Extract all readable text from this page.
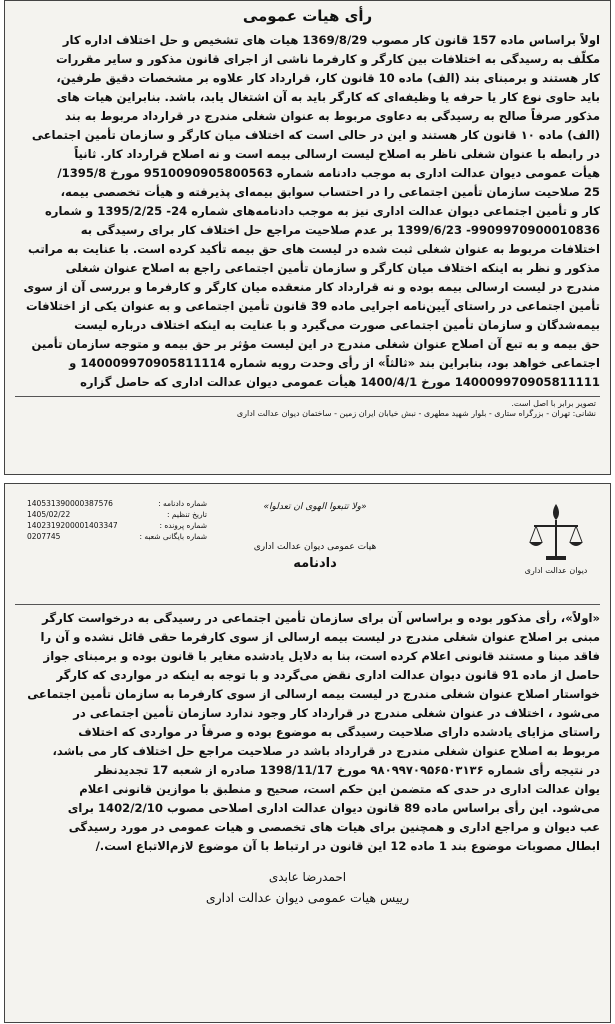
رأی هیات عمومی
اولاً براساس ماده 157 قانون کار مصوب 1369/8/29 هیات های تشخیص و حل اختلاف اداره کار
مکلّف به رسیدگی به اختلافات بین کارگر و کارفرما ناشی از اجرای قانون مذکور و سایر مقررات
کار هستند و برمبنای بند (الف) ماده 10 قانون کار، قرارداد کار علاوه بر مشخصات دقیق طرفین،
باید حاوی نوع کار یا حرفه یا وظیفه‌ای که کارگر باید به آن اشتغال یابد، باشد. بنابراین هیات های
مذکور صرفاً صالح به رسیدگی به دعاوی مربوط به عنوان شغلی مندرج در قرارداد مربوط به بند
(الف) ماده ۱۰ قانون کار هستند و این در حالی است که اختلاف میان کارگر و سازمان تأمین اجتماعی
در رابطه با عنوان شغلی ناظر به اصلاح لیست ارسالی بیمه است و نه اصلاح قرارداد کار. ثانیاً
هیأت عمومی دیوان عدالت اداری به موجب دادنامه شماره 9510090905800563 مورخ 1395/8/
25 صلاحیت سازمان تأمین اجتماعی را در احتساب سوابق بیمه‌ای پذیرفته و هیأت تخصصی بیمه،
کار و تأمین اجتماعی دیوان عدالت اداری نیز به موجب دادنامه‌های شماره 24- 1395/2/25 و شماره
9909970900010836- 1399/6/23 بر عدم صلاحیت مراجع حل اختلاف کار برای رسیدگی به
اختلافات مربوط به عنوان شغلی ثبت شده در لیست های حق بیمه تأکید کرده است. با عنایت به مراتب
مذکور و نظر به اینکه اختلاف میان کارگر و سازمان تأمین اجتماعی راجع به اصلاح عنوان شغلی
مندرج در لیست ارسالی بیمه بوده و نه قرارداد کار منعقده میان کارگر و کارفرما و بررسی آن از سوی
تأمین اجتماعی در راستای آیین‌نامه اجرایی ماده 39 قانون تأمین اجتماعی و به عنوان یکی از اختلافات
بیمه‌شدگان و سازمان تأمین اجتماعی صورت می‌گیرد و با عنایت به اینکه اختلاف درباره لیست
حق بیمه و به تبع آن اصلاح عنوان شغلی مندرج در این لیست مؤثر بر حق بیمه و متوجه سازمان تأمین
اجتماعی خواهد بود، بنابراین بند «ثالثاً» از رأی وحدت رویه شماره 140009970905811114 و
140009970905811111 مورخ 1400/4/1 هیأت عمومی دیوان عدالت اداری که حاصل گزاره
تصویر برابر با اصل است.
نشانی: تهران - بزرگراه ستاری - بلوار شهید مطهری - نبش خیابان ایران زمین - ساختمان دیوان عدالت اداری
دیوان عدالت اداری
«ولا تتبعوا الهوی ان تعدلوا»
هیات عمومی دیوان عدالت اداری
دادنامه
شماره دادنامه :
140531390000387576
تاریخ تنظیم :
1405/02/22
شماره پرونده :
1402319200001403347
شماره بایگانی شعبه :
0207745
«اولاً»، رأی مذکور بوده و براساس آن برای سازمان تأمین اجتماعی در رسیدگی به درخواست کارگر
مبنی بر اصلاح عنوان شغلی مندرج در لیست بیمه ارسالی از سوی کارفرما حقی قائل نشده و آن را
فاقد مبنا و مستند قانونی اعلام کرده است، بنا به دلایل یادشده مغایر با قانون بوده و برمبنای جواز
حاصل از ماده 91 قانون دیوان عدالت اداری نقض می‌گردد و با توجه به اینکه در مواردی که کارگر
خواستار اصلاح عنوان شغلی مندرج در لیست بیمه ارسالی از سوی کارفرما به سازمان تأمین اجتماعی
می‌شود ، اختلاف در عنوان شغلی مندرج در قرارداد کار وجود ندارد سازمان تأمین اجتماعی در
راستای مزایای یادشده دارای صلاحیت رسیدگی به موضوع بوده و صرفاً در مواردی که اختلاف
مربوط به اصلاح عنوان شغلی مندرج در قرارداد باشد در صلاحیت مراجع حل اختلاف کار می باشد،
در نتیجه رأی شماره ۹۸۰۹۹۷۰۹۵۶۵۰۳۱۳۶ مورخ 1398/11/17 صادره از شعبه 17 تجدیدنظر
یوان عدالت اداری در حدی که متضمن این حکم است، صحیح و منطبق با موازین قانونی اعلام
می‌شود. این رأی براساس ماده 89 قانون دیوان عدالت اداری اصلاحی مصوب 1402/2/10 برای
عب دیوان و مراجع اداری و همچنین برای هیات های تخصصی و هیات عمومی در مورد رسیدگی
ابطال مصوبات موضوع بند 1 ماده 12 این قانون در ارتباط با آن موضوع لازم‌الاتباع است./
احمدرضا عابدی
رییس هیات عمومی دیوان عدالت اداری
